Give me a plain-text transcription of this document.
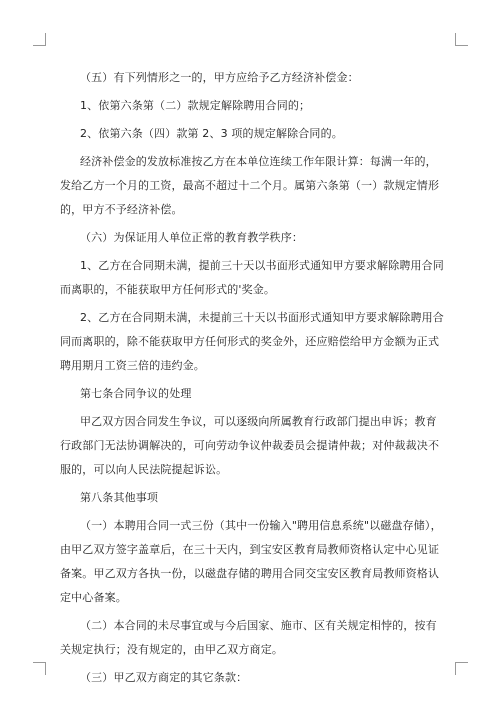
（五）有下列情形之一的，甲方应给予乙方经济补偿金：

1、依第六条第（二）款规定解除聘用合同的；

2、依第六条（四）款第 2、3 项的规定解除合同的。

经济补偿金的发放标准按乙方在本单位连续工作年限计算：每满一年的，发给乙方一个月的工资，最高不超过十二个月。属第六条第（一）款规定情形的，甲方不予经济补偿。

（六）为保证用人单位正常的教育教学秩序：

1、乙方在合同期未满，提前三十天以书面形式通知甲方要求解除聘用合同而离职的，不能获取甲方任何形式的'奖金。

2、乙方在合同期未满，未提前三十天以书面形式通知甲方要求解除聘用合同而离职的，除不能获取甲方任何形式的奖金外，还应赔偿给甲方金额为正式聘用期月工资三倍的违约金。

第七条合同争议的处理

甲乙双方因合同发生争议，可以逐级向所属教育行政部门提出申诉；教育行政部门无法协调解决的，可向劳动争议仲裁委员会提请仲裁；对仲裁裁决不服的，可以向人民法院提起诉讼。

第八条其他事项

（一）本聘用合同一式三份（其中一份输入"聘用信息系统"以磁盘存储），由甲乙双方签字盖章后，在三十天内，到宝安区教育局教师资格认定中心见证备案。甲乙双方各执一份，以磁盘存储的聘用合同交宝安区教育局教师资格认定中心备案。

（二）本合同的未尽事宜或与今后国家、施市、区有关规定相悖的，按有关规定执行；没有规定的，由甲乙双方商定。

（三）甲乙双方商定的其它条款：
